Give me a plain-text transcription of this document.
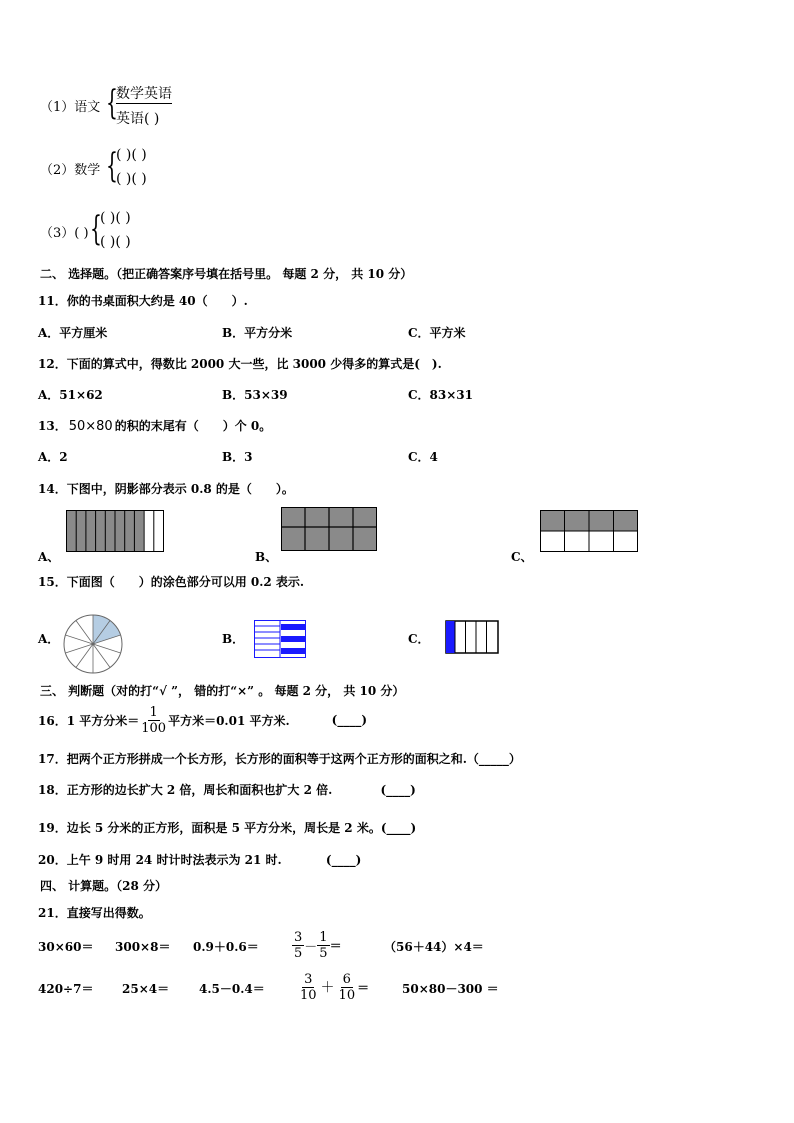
（1）语文 {
数学英语
英语( )
（2）数学 {
( )( )
( )( )
（3）( ) {
( )( )
( )( )
二、 选择题。（把正确答案序号填在括号里。 每题 2 分， 共 10 分）
11．你的书桌面积大约是 40（　　）.
A．平方厘米	B．平方分米	C．平方米
12．下面的算式中，得数比 2000 大一些，比 3000 少得多的算式是(　).
A．51×62	B．53×39	C．83×31
13． 50×80 的积的末尾有（　　）个 0。
A．2	B．3	C．4
14．下图中，阴影部分表示 0.8 的是（　　）。
A、	B、	C、
15．下面图（　　）的涂色部分可以用 0.2 表示.
A．	B．	C．
三、 判断题（对的打“√ ”， 错的打“×” 。 每题 2 分， 共 10 分）
16．1 平方分米＝ $\frac{1}{100}$ 平方米＝0.01 平方米.	(____)
17．把两个正方形拼成一个长方形，长方形的面积等于这两个正方形的面积之和.（_____）
18．正方形的边长扩大 2 倍，周长和面积也扩大 2 倍.	(____)
19．边长 5 分米的正方形，面积是 5 平方分米，周长是 2 米。(____)
20．上午 9 时用 24 时计时法表示为 21 时.	(____)
四、 计算题。（28 分）
21．直接写出得数。
30×60＝ 300×8＝ 0.9＋0.6＝	$\frac{3}{5} - \frac{1}{5}$ ＝	（56＋44）×4＝
420÷7＝ 25×4＝ 4.5－0.4＝	$\frac{3}{10} + \frac{6}{10}$ ＝	50×80－300 ＝
